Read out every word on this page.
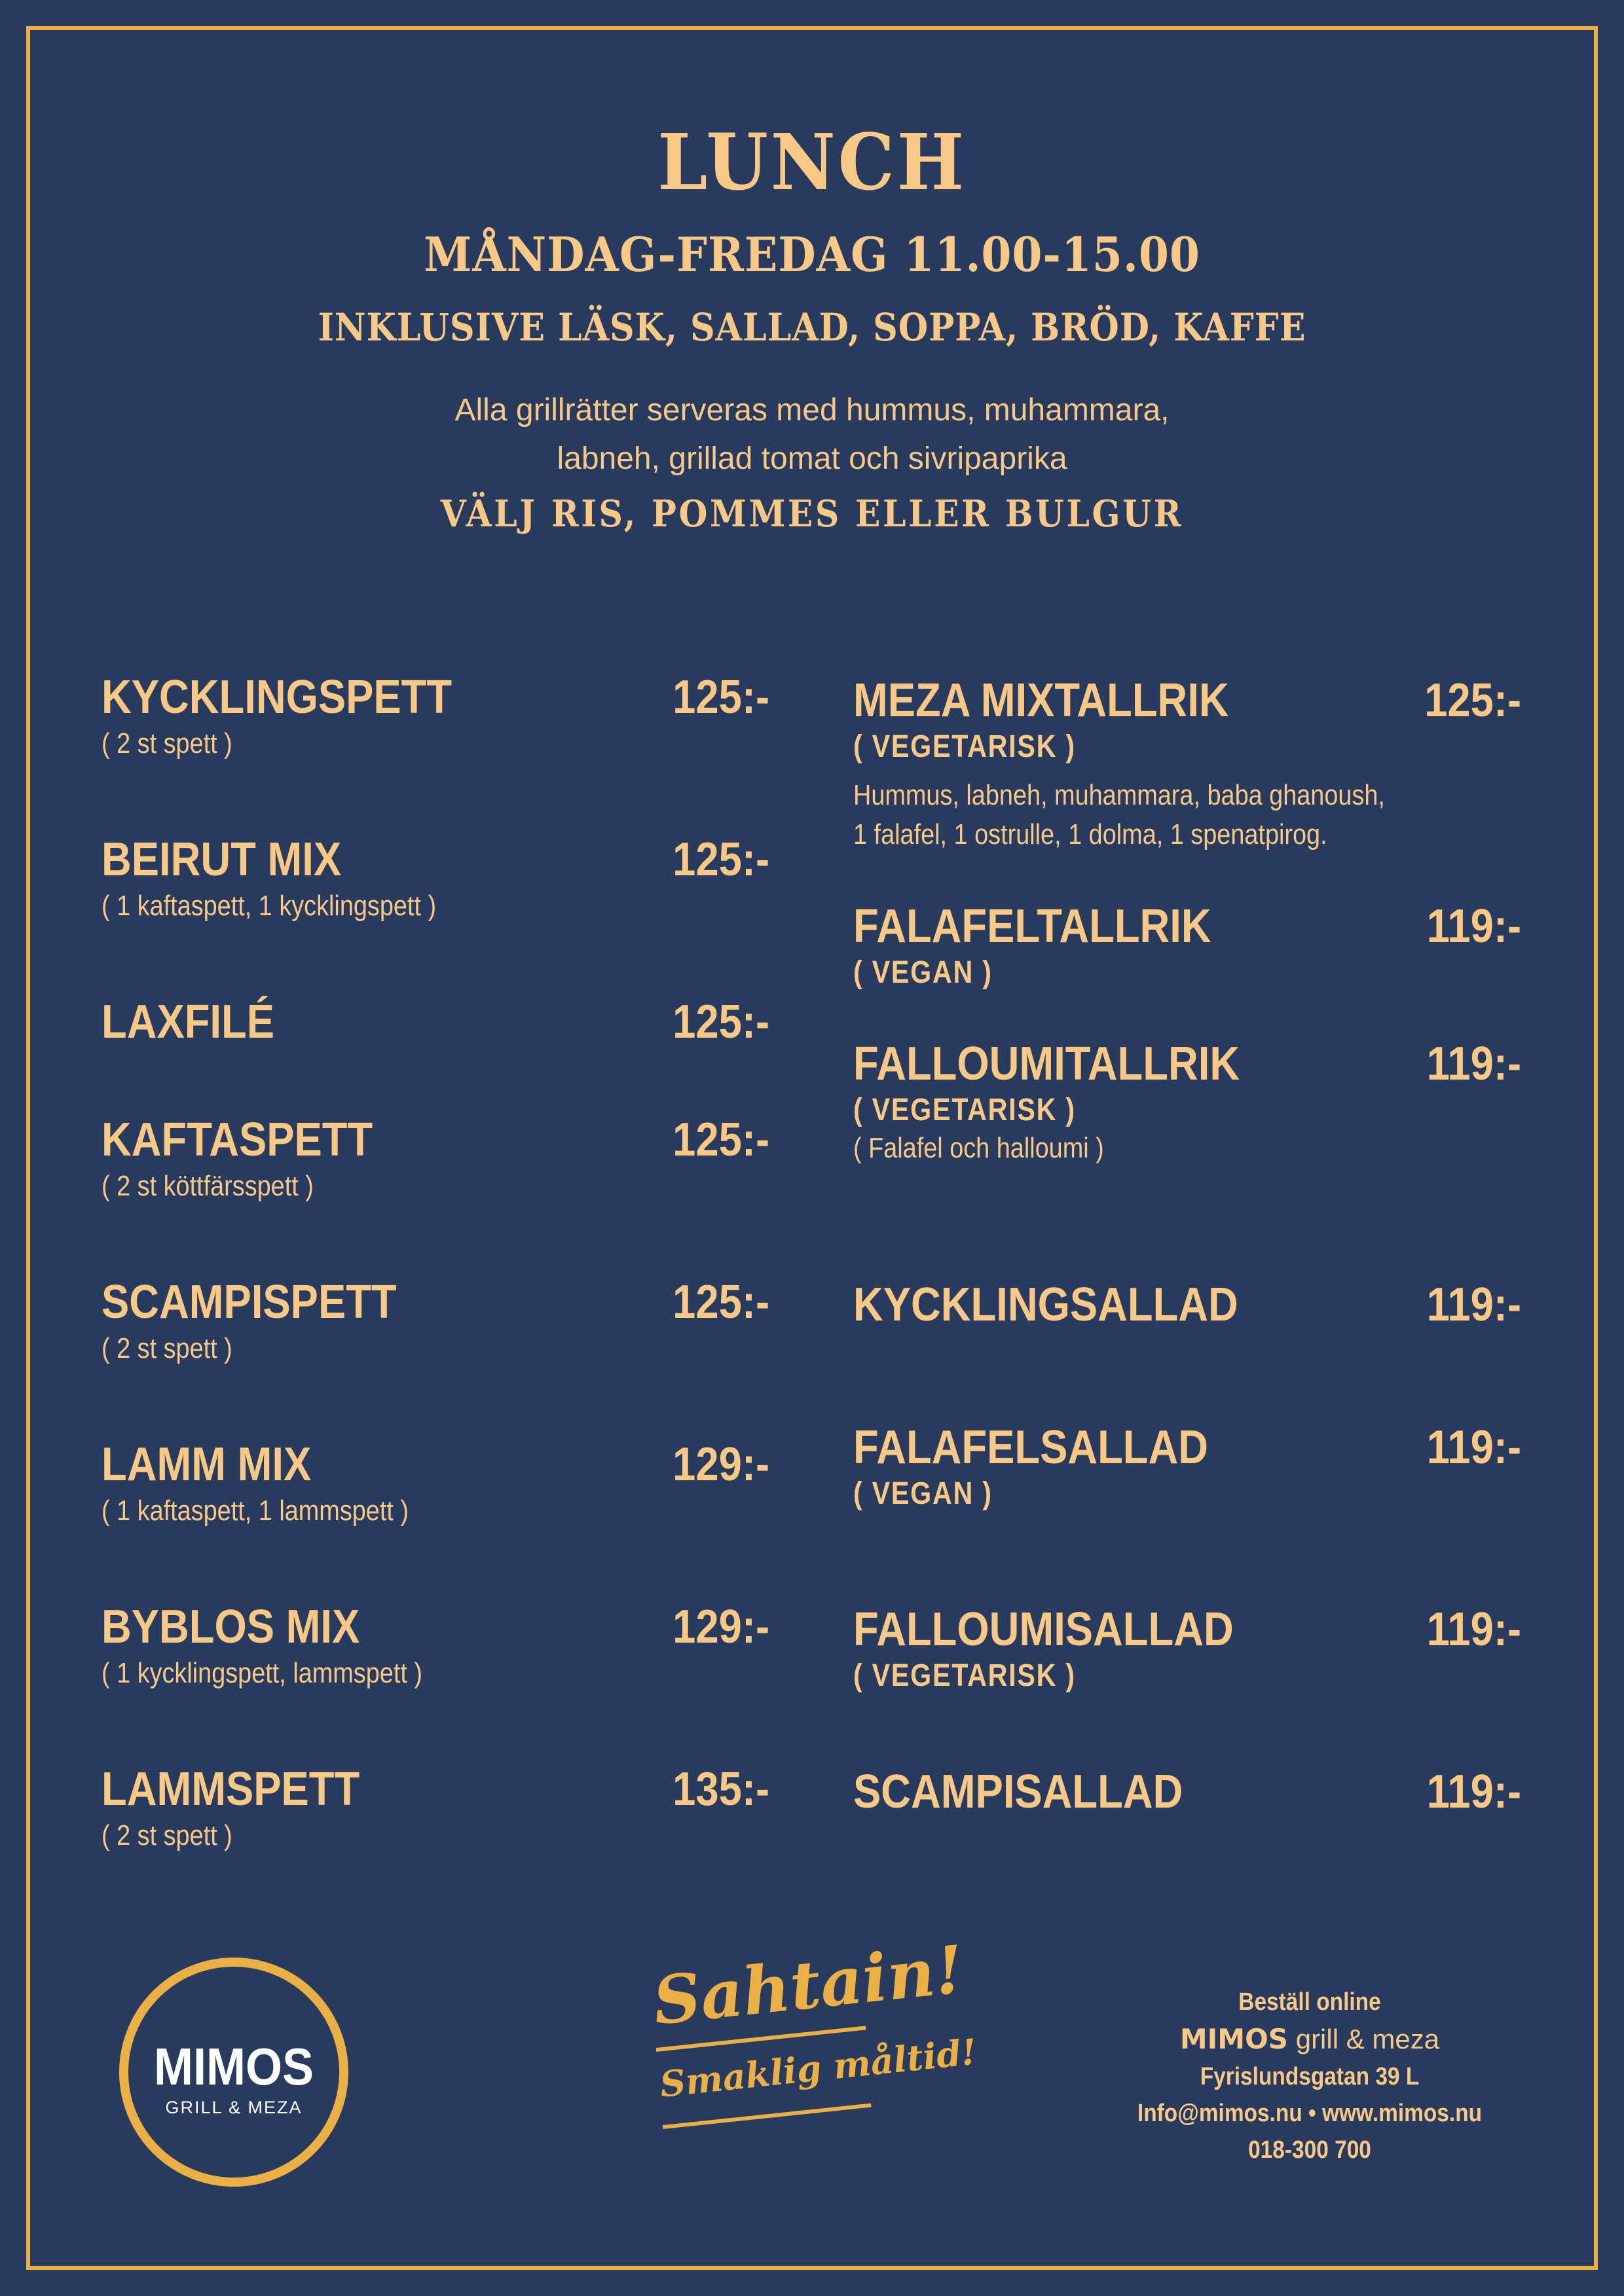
LUNCH

MÅNDAG-FREDAG 11.00-15.00

INKLUSIVE LÄSK, SALLAD, SOPPA, BRÖD, KAFFE

Alla grillrätter serveras med hummus, muhammara,
labneh, grillad tomat och sivripaprika

VÄLJ RIS, POMMES ELLER BULGUR

KYCKLINGSPETT	125:-

( 2 st spett )

BEIRUT MIX	125:-

( 1 kaftaspett, 1 kycklingspett )

LAXFILÉ	125:-

KAFTASPETT	125:-

( 2 st köttfärsspett )

SCAMPISPETT	125:-

( 2 st spett )

LAMM MIX	129:-

( 1 kaftaspett, 1 lammspett )

BYBLOS MIX	129:-

( 1 kycklingspett, lammspett )

LAMMSPETT	135:-

( 2 st spett )

MEZA MIXTALLRIK	125:-

( VEGETARISK )

Hummus, labneh, muhammara, baba ghanoush,

1 falafel, 1 ostrulle, 1 dolma, 1 spenatpirog.

FALAFELTALLRIK	119:-

( VEGAN )

FALLOUMITALLRIK	119:-

( VEGETARISK )

( Falafel och halloumi )

KYCKLINGSALLAD	119:-

FALAFELSALLAD	119:-

( VEGAN )

FALLOUMISALLAD	119:-

( VEGETARISK )

SCAMPISALLAD	119:-

MIMOS

GRILL & MEZA

Sahtain!

Smaklig måltid!

Beställ online

MIMOS grill & meza

Fyrislundsgatan 39 L

Info@mimos.nu • www.mimos.nu

018-300 700
